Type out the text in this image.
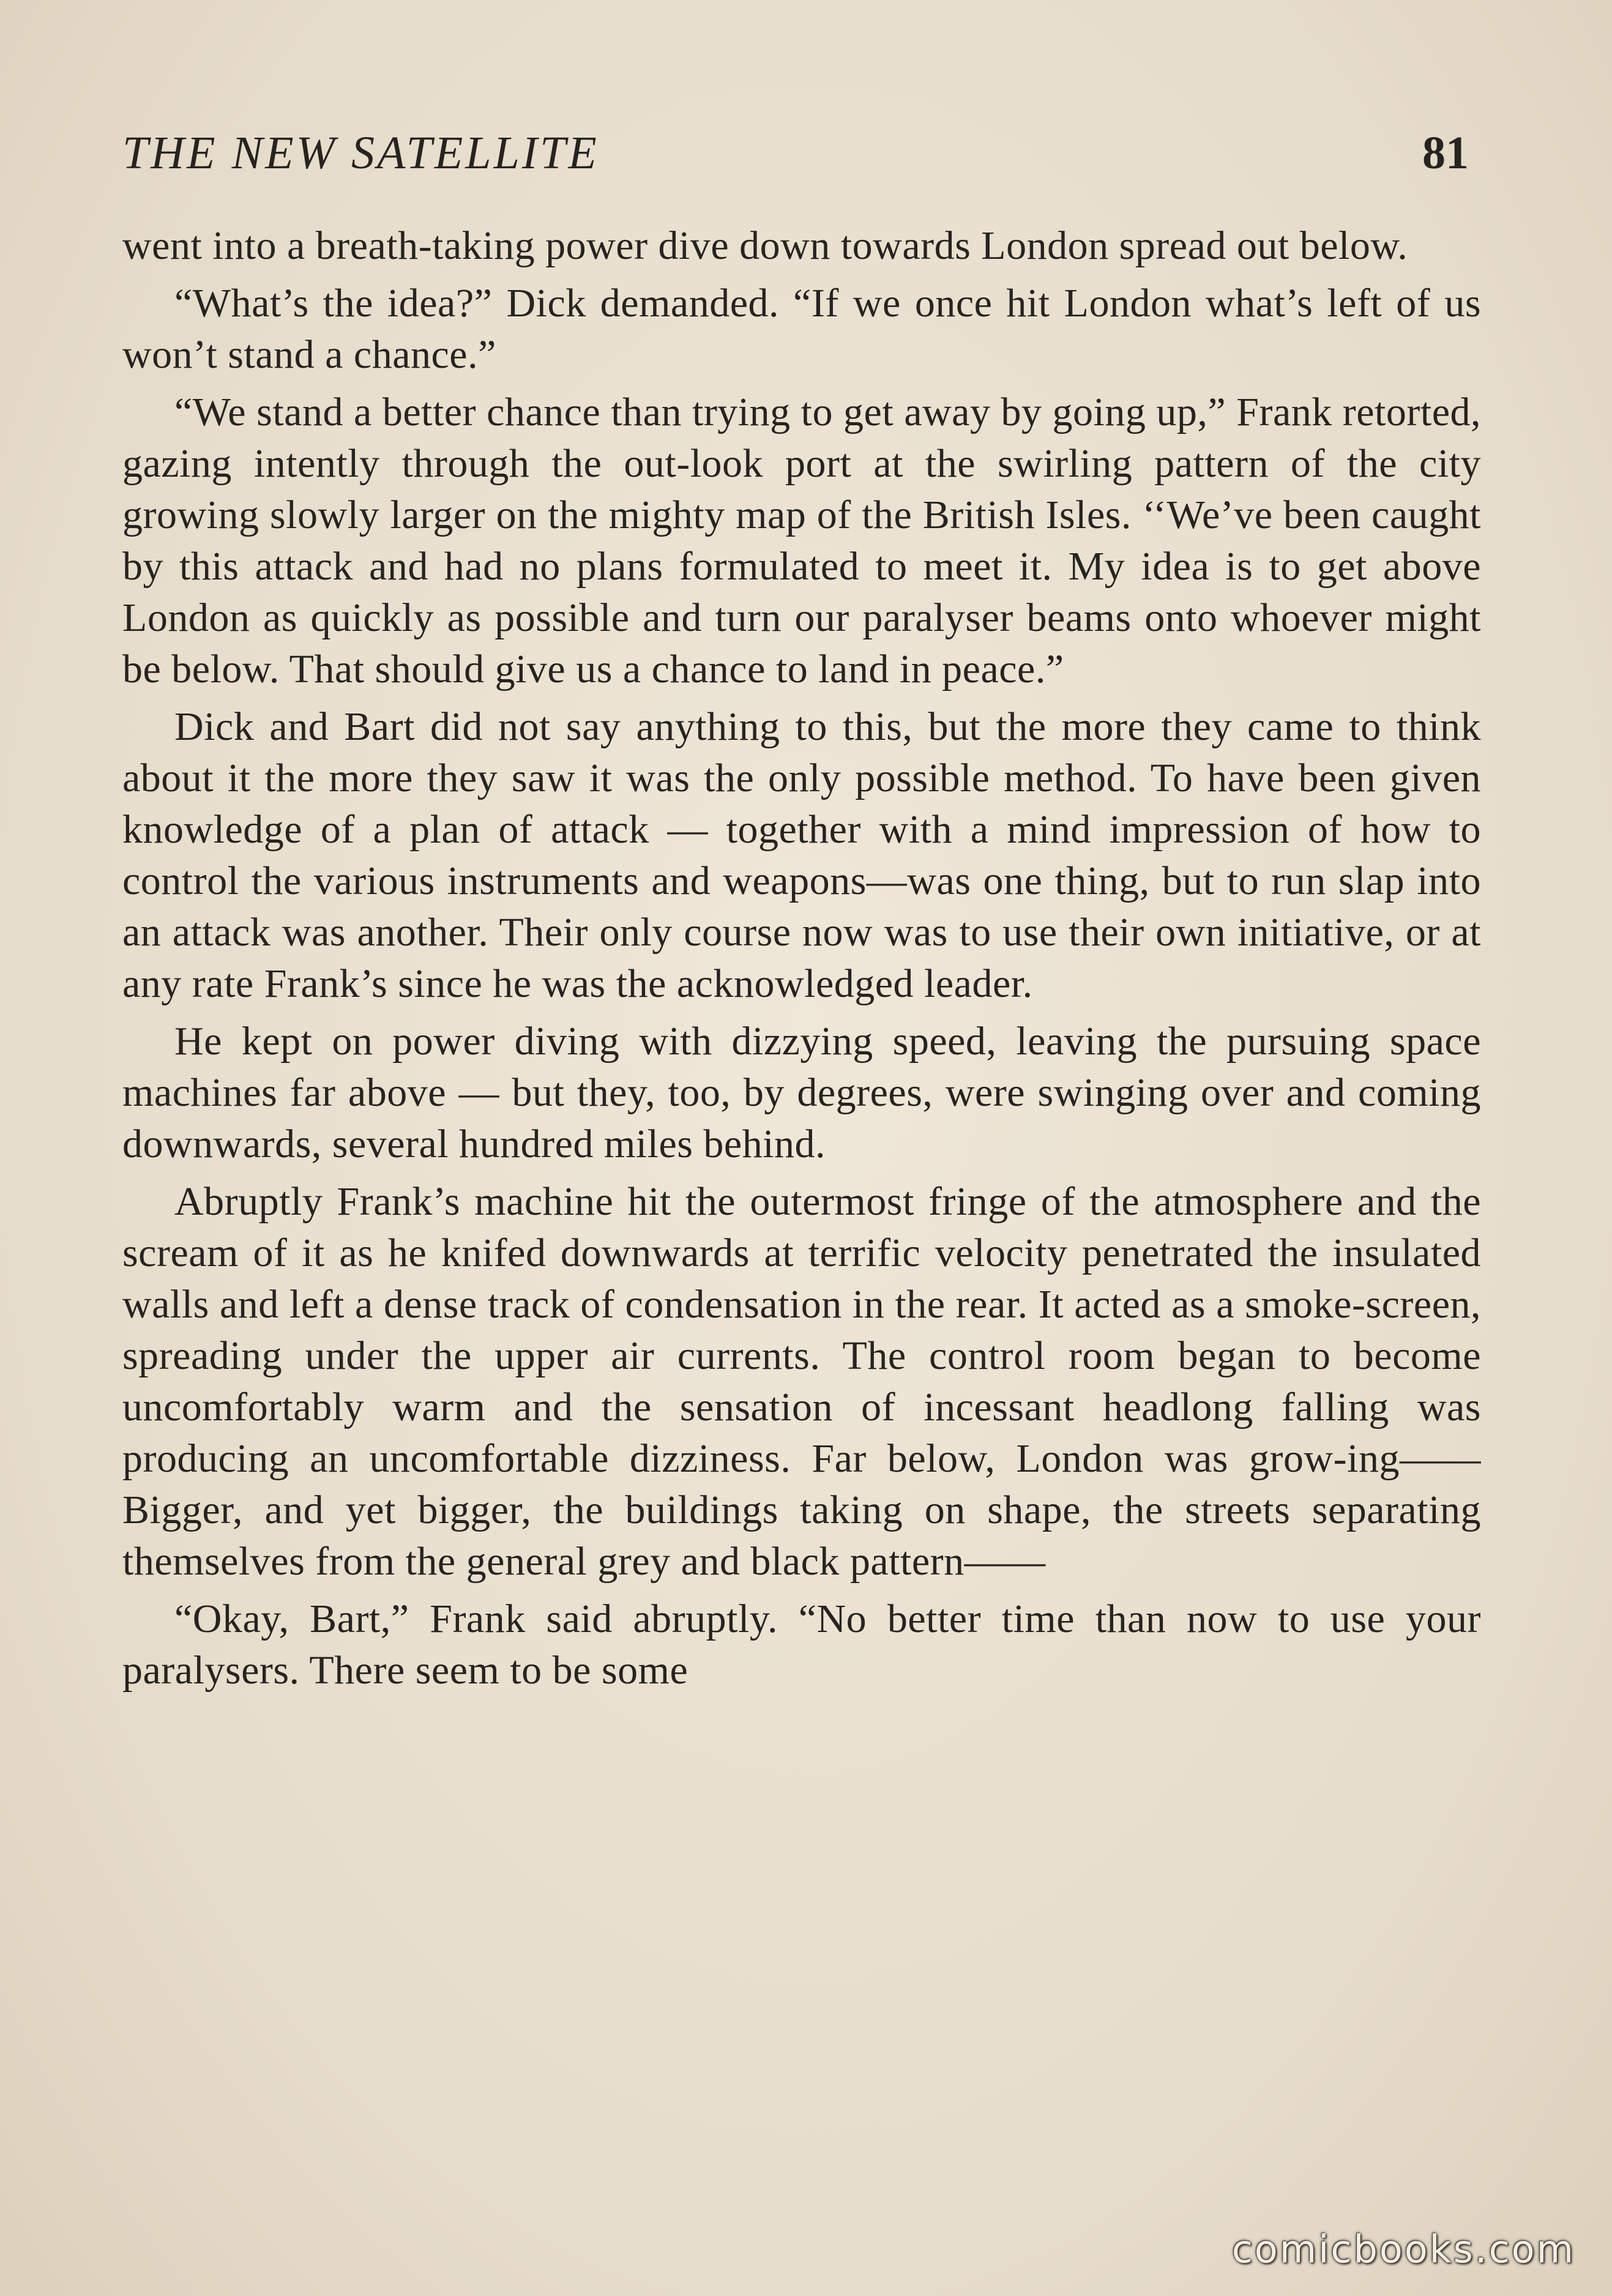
THE NEW SATELLITE	81

went into a breath-taking power dive down towards London spread out below.

“What’s the idea?” Dick demanded. “If we once hit London what’s left of us won’t stand a chance.”

“We stand a better chance than trying to get away by going up,” Frank retorted, gazing intently through the out-look port at the swirling pattern of the city growing slowly larger on the mighty map of the British Isles. ‘‘We’ve been caught by this attack and had no plans formulated to meet it. My idea is to get above London as quickly as possible and turn our paralyser beams onto whoever might be below. That should give us a chance to land in peace.”

Dick and Bart did not say anything to this, but the more they came to think about it the more they saw it was the only possible method. To have been given knowledge of a plan of attack — together with a mind impression of how to control the various instruments and weapons—was one thing, but to run slap into an attack was another. Their only course now was to use their own initiative, or at any rate Frank’s since he was the acknowledged leader.

He kept on power diving with dizzying speed, leaving the pursuing space machines far above — but they, too, by degrees, were swinging over and coming downwards, several hundred miles behind.

Abruptly Frank’s machine hit the outermost fringe of the atmosphere and the scream of it as he knifed downwards at terrific velocity penetrated the insulated walls and left a dense track of condensation in the rear. It acted as a smoke-screen, spreading under the upper air currents. The control room began to become uncomfortably warm and the sensation of incessant headlong falling was producing an uncomfortable dizziness. Far below, London was grow-ing—— Bigger, and yet bigger, the buildings taking on shape, the streets separating themselves from the general grey and black pattern——

“Okay, Bart,” Frank said abruptly. “No better time than now to use your paralysers. There seem to be some

comicbooks.com
